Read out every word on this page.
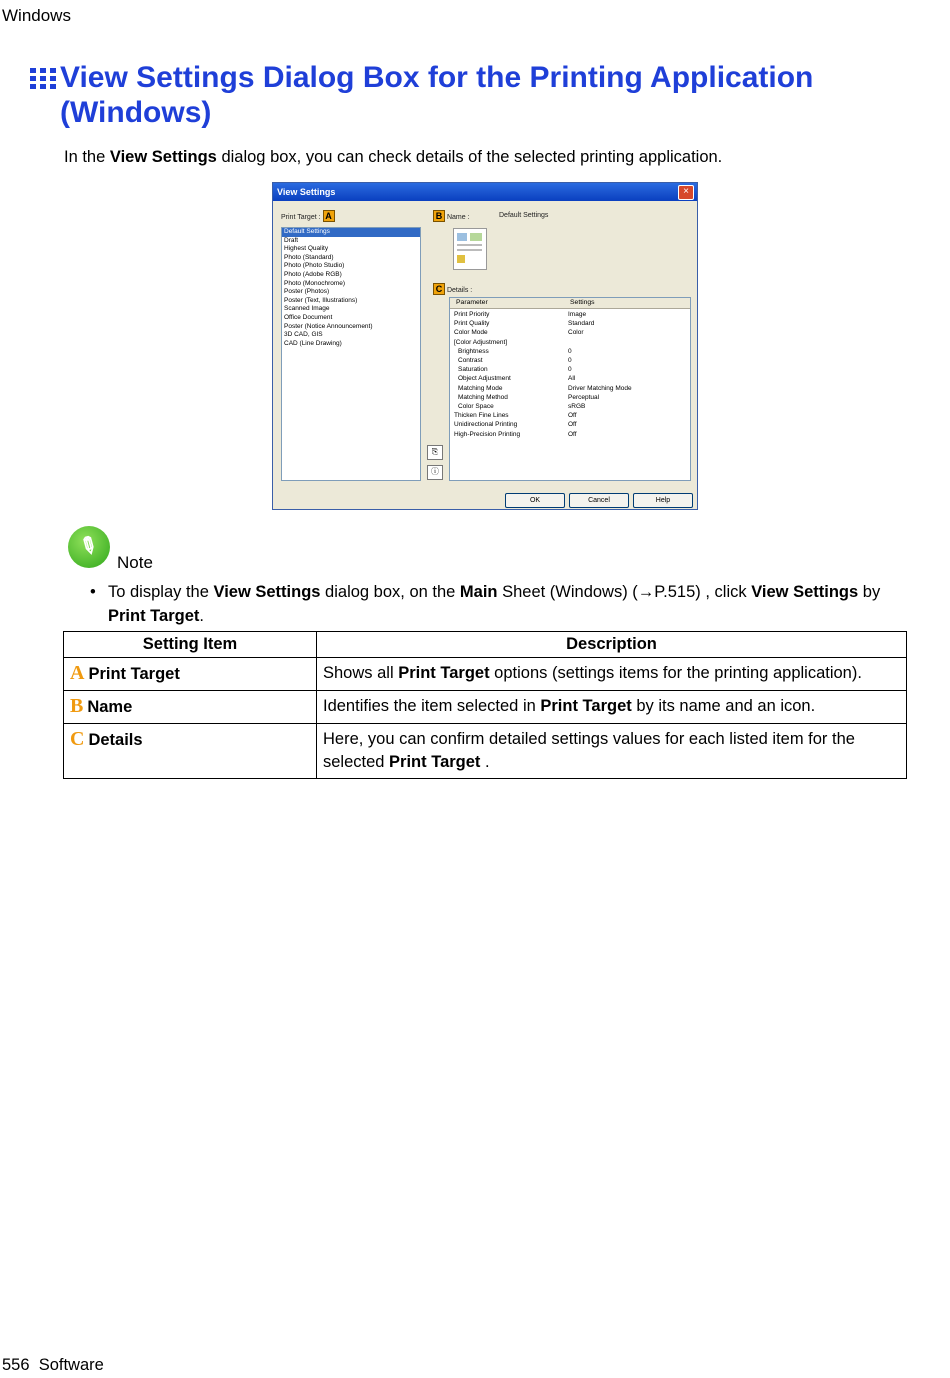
Windows
View Settings Dialog Box for the Printing Application (Windows)
In the View Settings dialog box, you can check details of the selected printing application.
View Settings	×
Print Target : A	B Name :	Default Settings
Default Settings
Draft
Highest Quality
Photo (Standard)
Photo (Photo Studio)
Photo (Adobe RGB)
Photo (Monochrome)
Poster (Photos)
Poster (Text, Illustrations)
Scanned Image
Office Document
Poster (Notice Announcement)
3D CAD, GIS
CAD (Line Drawing)
C Details :
⎘
ⓘ
Parameter	Settings
Print Priority	Image
Print Quality	Standard
Color Mode	Color
[Color Adjustment]
Brightness	0
Contrast	0
Saturation	0
Object Adjustment	All
Matching Mode	Driver Matching Mode
Matching Method	Perceptual
Color Space	sRGB
Thicken Fine Lines	Off
Unidirectional Printing	Off
High-Precision Printing	Off
OK	Cancel	Help
✎
Note
• To display the View Settings dialog box, on the Main Sheet (Windows) (→P.515) , click View Settings by Print Target.
Setting Item	Description
A Print Target	Shows all Print Target options (settings items for the printing application).
B Name	Identifies the item selected in Print Target by its name and an icon.
C Details	Here, you can confirm detailed settings values for each listed item for the selected Print Target .
556 Software
